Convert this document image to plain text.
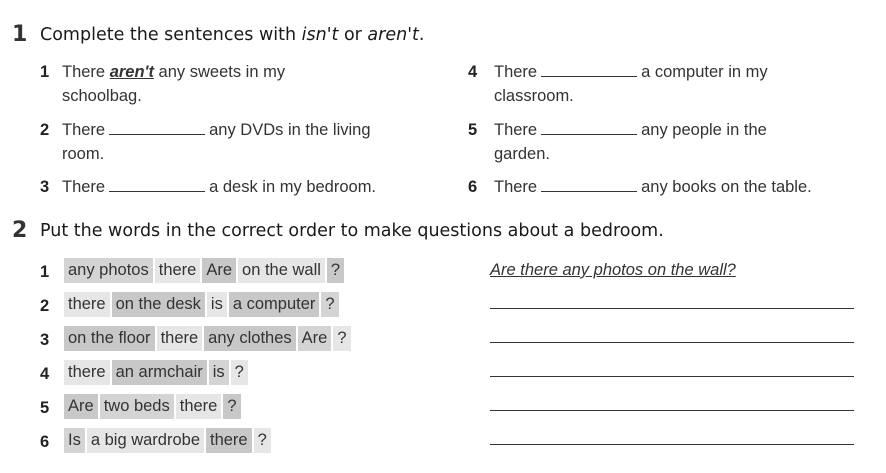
1 Complete the sentences with isn't or aren't.
1 There aren't any sweets in my
schoolbag.
2 There	any DVDs in the living
room.
3 There	a desk in my bedroom.
4 There	a computer in my
classroom.
5 There	any people in the
garden.
6 There	any books on the table.
2 Put the words in the correct order to make questions about a bedroom.
1 any photos there Are on the wall ?	Are there any photos on the wall?
2 there on the desk is a computer ?
3 on the floor there any clothes Are ?
4 there an armchair is ?
5 Are two beds there ?
6 Is a big wardrobe there ?
